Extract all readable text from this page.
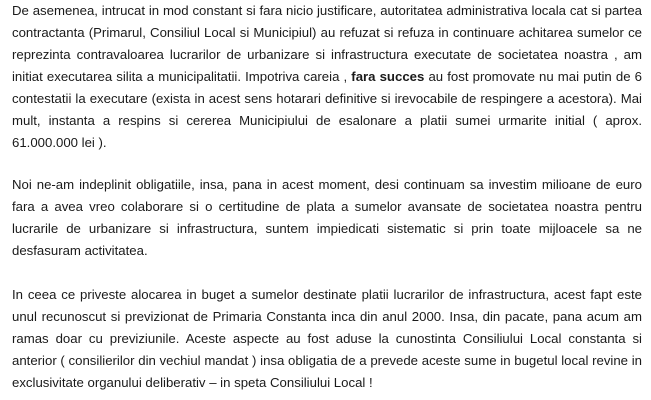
De asemenea, intrucat in mod constant si fara nicio justificare, autoritatea administrativa locala cat si partea
contractanta (Primarul, Consiliul Local si Municipiul) au refuzat si refuza in continuare achitarea sumelor ce
reprezinta contravaloarea lucrarilor de urbanizare si infrastructura executate de societatea noastra , am
initiat executarea silita a municipalitatii. Impotriva careia , fara succes au fost promovate nu mai putin de 6
contestatii la executare (exista in acest sens hotarari definitive si irevocabile de respingere a acestora). Mai
mult, instanta a respins si cererea Municipiului de esalonare a platii sumei urmarite initial ( aprox.
61.000.000 lei ).
Noi ne-am indeplinit obligatiile, insa, pana in acest moment, desi continuam sa investim milioane de euro
fara a avea vreo colaborare si o certitudine de plata a sumelor avansate de societatea noastra pentru
lucrarile de urbanizare si infrastructura, suntem impiedicati sistematic si prin toate mijloacele sa ne
desfasuram activitatea.
In ceea ce priveste alocarea in buget a sumelor destinate platii lucrarilor de infrastructura, acest fapt este
unul recunoscut si previzionat de Primaria Constanta inca din anul 2000. Insa, din pacate, pana acum am
ramas doar cu previziunile. Aceste aspecte au fost aduse la cunostinta Consiliului Local constanta si
anterior ( consilierilor din vechiul mandat ) insa obligatia de a prevede aceste sume in bugetul local revine in
exclusivitate organului deliberativ – in speta Consiliului Local !
